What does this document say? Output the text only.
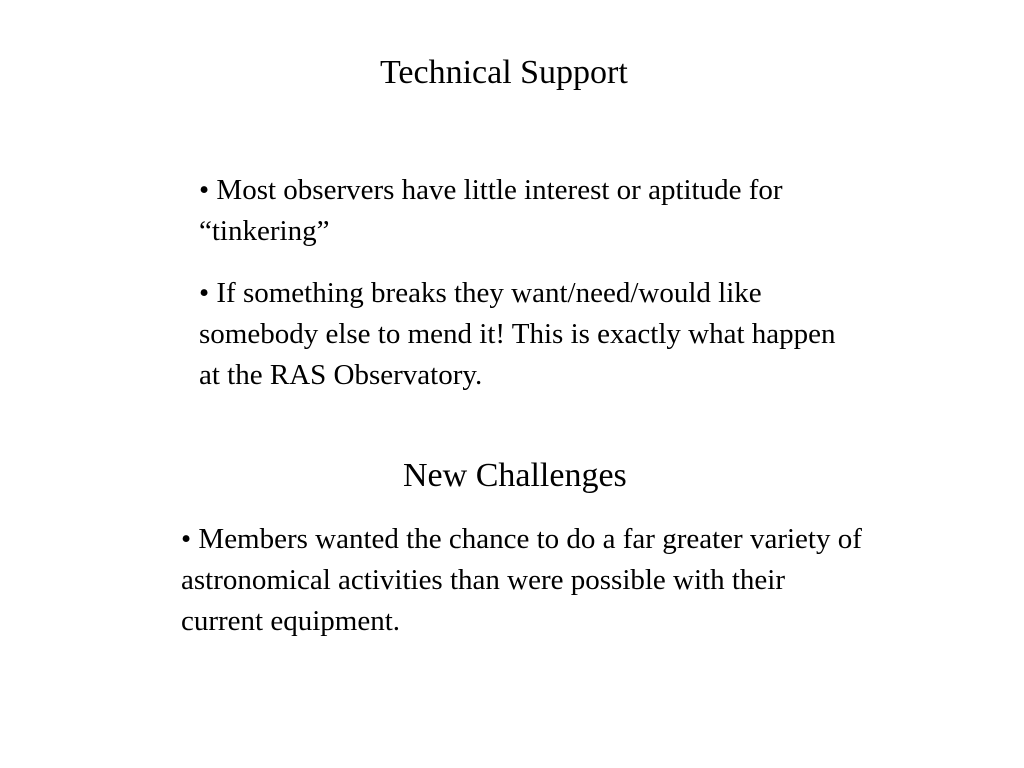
Technical Support
• Most observers have little interest or aptitude for “tinkering”
• If something breaks they want/need/would like somebody else to mend it! This is exactly what happen at the RAS Observatory.
New Challenges
• Members wanted the chance to do a far greater variety of astronomical activities than were possible with their current equipment.
